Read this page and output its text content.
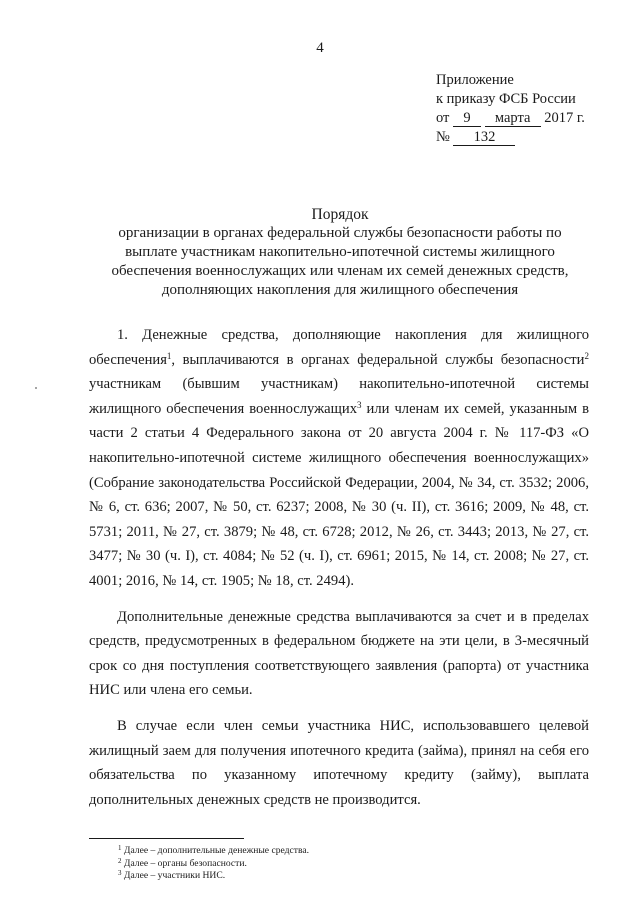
4
Приложение
к приказу ФСБ России
от 9 марта 2017 г.
№ 132
Порядок
организации в органах федеральной службы безопасности работы по
выплате участникам накопительно-ипотечной системы жилищного
обеспечения военнослужащих или членам их семей денежных средств,
дополняющих накопления для жилищного обеспечения

1. Денежные средства, дополняющие накопления для жилищного обеспечения$^1$, выплачиваются в органах федеральной службы безопасности$^2$ участникам (бывшим участникам) накопительно-ипотечной системы жилищного обеспечения военнослужащих$^3$ или членам их семей, указанным в части 2 статьи 4 Федерального закона от 20 августа 2004 г. № 117-ФЗ «О накопительно-ипотечной системе жилищного обеспечения военнослужащих» (Собрание законодательства Российской Федерации, 2004, № 34, ст. 3532; 2006, № 6, ст. 636; 2007, № 50, ст. 6237; 2008, № 30 (ч. II), ст. 3616; 2009, № 48, ст. 5731; 2011, № 27, ст. 3879; № 48, ст. 6728; 2012, № 26, ст. 3443; 2013, № 27, ст. 3477; № 30 (ч. I), ст. 4084; № 52 (ч. I), ст. 6961; 2015, № 14, ст. 2008; № 27, ст. 4001; 2016, № 14, ст. 1905; № 18, ст. 2494).

Дополнительные денежные средства выплачиваются за счет и в пределах средств, предусмотренных в федеральном бюджете на эти цели, в 3-месячный срок со дня поступления соответствующего заявления (рапорта) от участника НИС или члена его семьи.

В случае если член семьи участника НИС, использовавшего целевой жилищный заем для получения ипотечного кредита (займа), принял на себя его обязательства по указанному ипотечному кредиту (займу), выплата дополнительных денежных средств не производится.

$^1$ Далее – дополнительные денежные средства.
$^2$ Далее – органы безопасности.
$^3$ Далее – участники НИС.
